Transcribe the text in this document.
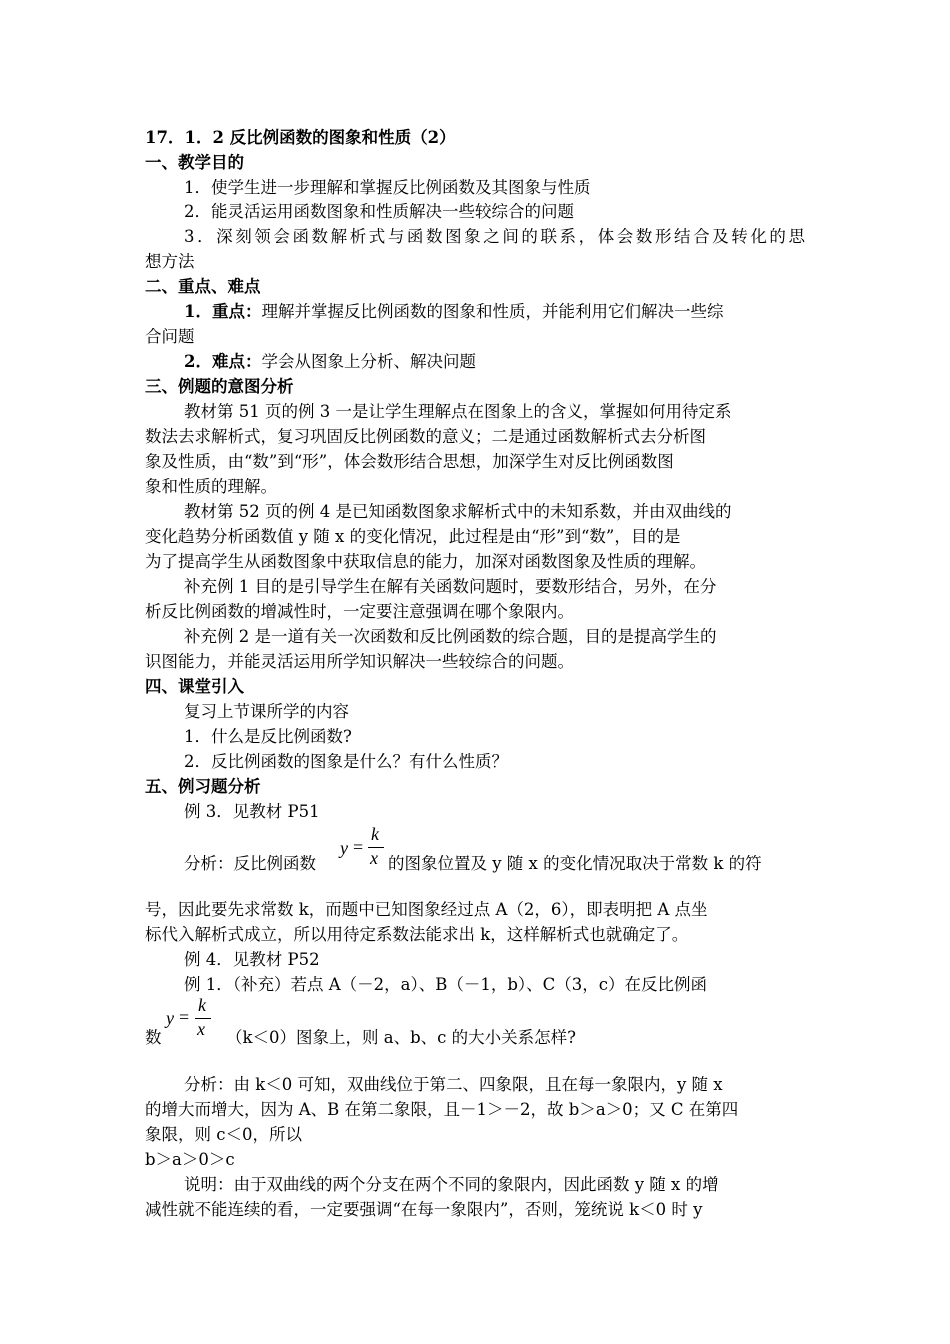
17．1．2 反比例函数的图象和性质（2）

一、教学目的

1．使学生进一步理解和掌握反比例函数及其图象与性质

2．能灵活运用函数图象和性质解决一些较综合的问题

3．深刻领会函数解析式与函数图象之间的联系，体会数形结合及转化的思

想方法

二、重点、难点

1．重点：理解并掌握反比例函数的图象和性质，并能利用它们解决一些综

合问题

2．难点：学会从图象上分析、解决问题

三、例题的意图分析

教材第 51 页的例 3 一是让学生理解点在图象上的含义，掌握如何用待定系

数法去求解析式，复习巩固反比例函数的意义；二是通过函数解析式去分析图

象及性质，由“数”到“形”，体会数形结合思想，加深学生对反比例函数图

象和性质的理解。

教材第 52 页的例 4 是已知函数图象求解析式中的未知系数，并由双曲线的

变化趋势分析函数值 y 随 x 的变化情况，此过程是由“形”到“数”，目的是

为了提高学生从函数图象中获取信息的能力，加深对函数图象及性质的理解。

补充例 1 目的是引导学生在解有关函数问题时，要数形结合，另外，在分

析反比例函数的增减性时，一定要注意强调在哪个象限内。

补充例 2 是一道有关一次函数和反比例函数的综合题，目的是提高学生的

识图能力，并能灵活运用所学知识解决一些较综合的问题。

四、课堂引入

复习上节课所学的内容

1．什么是反比例函数?

2．反比例函数的图象是什么？有什么性质？

五、例习题分析

例 3．见教材 P51

y =
k
x

分析：反比例函数	的图象位置及 y 随 x 的变化情况取决于常数 k 的符

号，因此要先求常数 k，而题中已知图象经过点 A（2，6），即表明把 A 点坐

标代入解析式成立，所以用待定系数法能求出 k，这样解析式也就确定了。

例 4．见教材 P52

例 1．（补充）若点 A（－2，a）、B（－1，b）、C（3，c）在反比例函

y =
k
x

数	（k＜0）图象上，则 a、b、c 的大小关系怎样?

分析：由 k＜0 可知，双曲线位于第二、四象限，且在每一象限内，y 随 x

的增大而增大，因为 A、B 在第二象限，且－1＞－2，故 b＞a＞0；又 C 在第四

象限，则 c＜0，所以

b＞a＞0＞c

说明：由于双曲线的两个分支在两个不同的象限内，因此函数 y 随 x 的增

减性就不能连续的看，一定要强调“在每一象限内”，否则，笼统说 k＜0 时 y
